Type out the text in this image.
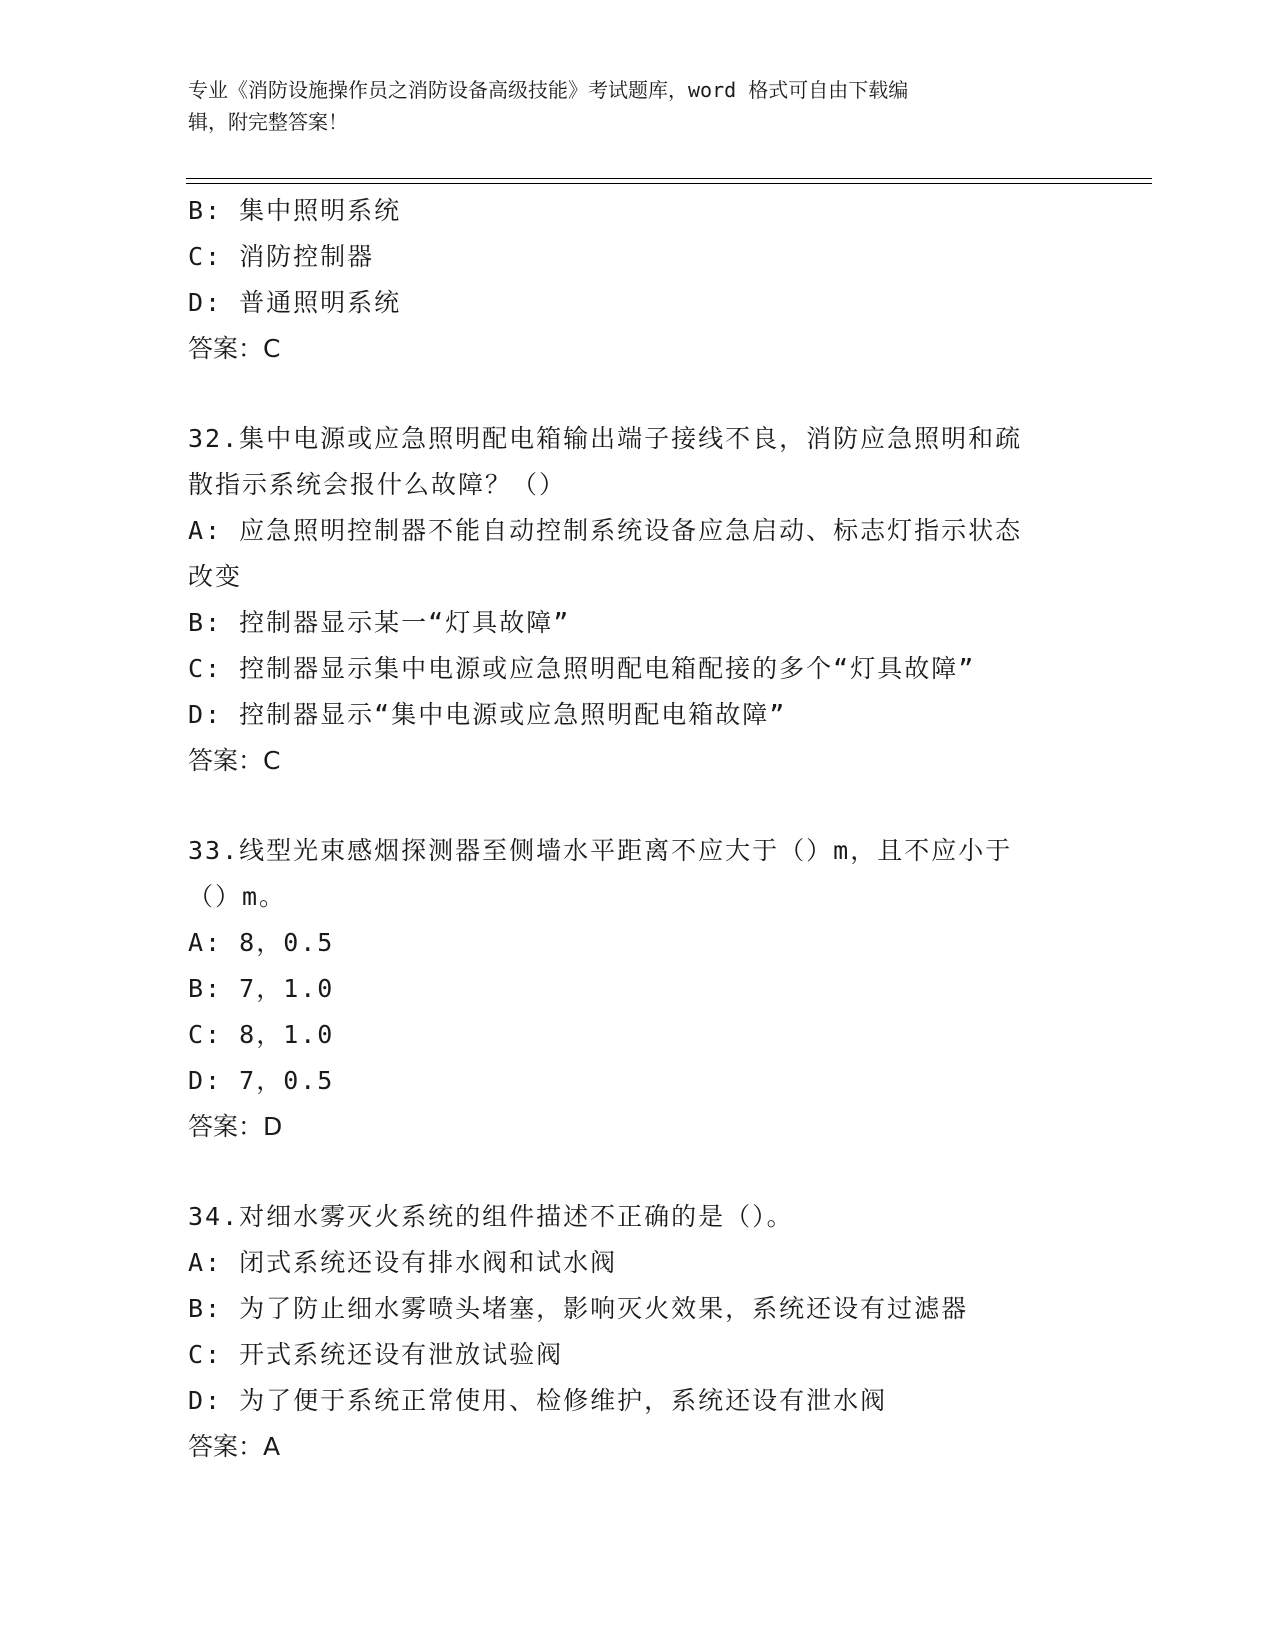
专业《消防设施操作员之消防设备高级技能》考试题库，word 格式可自由下载编
辑，附完整答案！
B: 集中照明系统
C: 消防控制器
D: 普通照明系统
答案：C
32.集中电源或应急照明配电箱输出端子接线不良，消防应急照明和疏
散指示系统会报什么故障？（）
A: 应急照明控制器不能自动控制系统设备应急启动、标志灯指示状态
改变
B: 控制器显示某一“灯具故障”
C: 控制器显示集中电源或应急照明配电箱配接的多个“灯具故障”
D: 控制器显示“集中电源或应急照明配电箱故障”
答案：C
33.线型光束感烟探测器至侧墙水平距离不应大于（）m，且不应小于
（）m。
A: 8，0.5
B: 7，1.0
C: 8，1.0
D: 7，0.5
答案：D
34.对细水雾灭火系统的组件描述不正确的是（）。
A: 闭式系统还设有排水阀和试水阀
B: 为了防止细水雾喷头堵塞，影响灭火效果，系统还设有过滤器
C: 开式系统还设有泄放试验阀
D: 为了便于系统正常使用、检修维护，系统还设有泄水阀
答案：A
